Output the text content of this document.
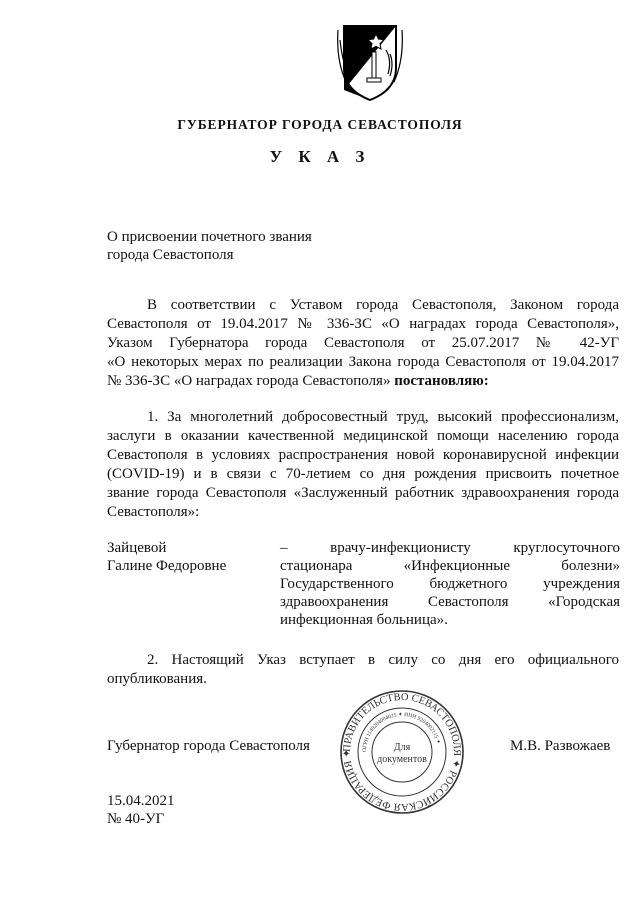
ГУБЕРНАТОР ГОРОДА СЕВАСТОПОЛЯ
У К А З
О присвоении почетного звания
города Севастополя

В соответствии с Уставом города Севастополя, Законом города

Севастополя от 19.04.2017 № 336-ЗС «О наградах города Севастополя»,

Указом Губернатора города Севастополя от 25.07.2017 № 42-УГ

«О некоторых мерах по реализации Закона города Севастополя от 19.04.2017

№ 336-ЗС «О наградах города Севастополя» постановляю:

1. За многолетний добросовестный труд, высокий профессионализм,

заслуги в оказании качественной медицинской помощи населению города

Севастополя в условиях распространения новой коронавирусной инфекции

(COVID-19) и в связи с 70-летием со дня рождения присвоить почетное

звание города Севастополя «Заслуженный работник здравоохранения города

Севастополя»:

Зайцевой
Галине Федоровне

– врачу-инфекционисту круглосуточного

стационара «Инфекционные болезни»

Государственного бюджетного учреждения

здравоохранения Севастополя «Городская

инфекционная больница».

2. Настоящий Указ вступает в силу со дня его официального

опубликования.

Губернатор города Севастополя	М.В. Развожаев
ПРАВИТЕЛЬСТВО СЕВАСТОПОЛЯ ✦ РОССИЙСКАЯ ФЕДЕРАЦИЯ ✦	ОГРН 1149204004025 ✦ ИНН 9204002115 ✦
Для
документов
15.04.2021
№ 40-УГ
